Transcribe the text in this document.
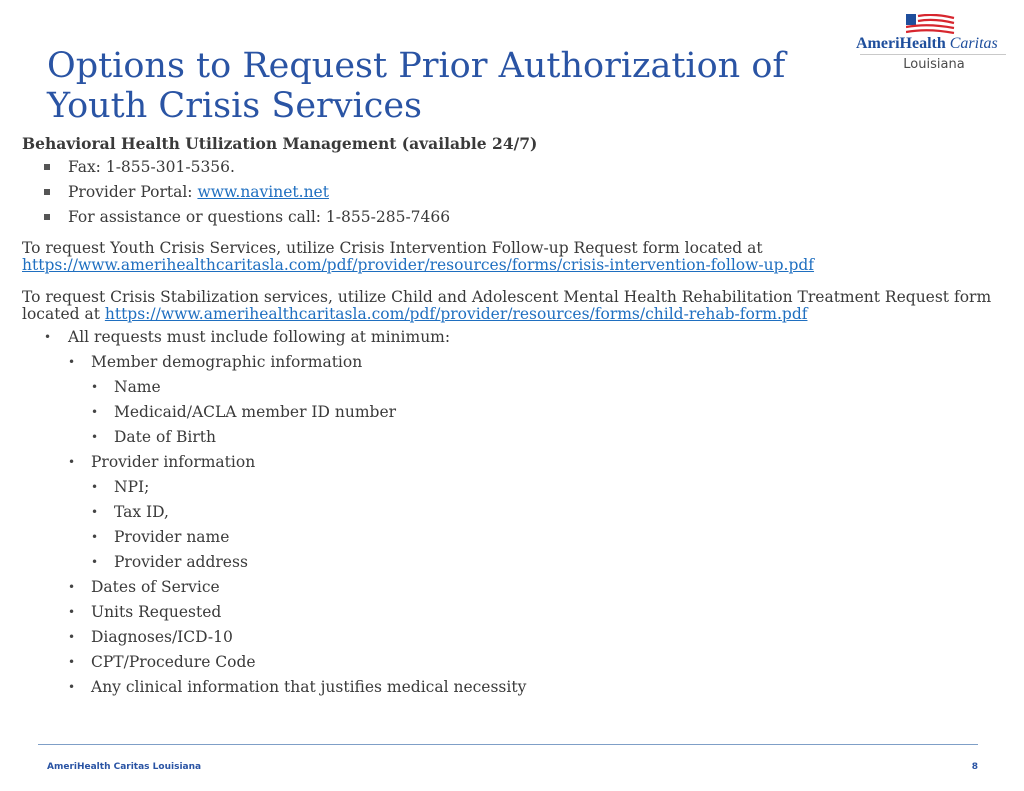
Options to Request Prior Authorization of Youth Crisis Services
AmeriHealth Caritas
Louisiana

Behavioral Health Utilization Management (available 24/7)

Fax: 1-855-301-5356.
Provider Portal: www.navinet.net
For assistance or questions call: 1-855-285-7466

To request Youth Crisis Services, utilize Crisis Intervention Follow-up Request form located at https://www.amerihealthcaritasla.com/pdf/provider/resources/forms/crisis-intervention-follow-up.pdf

To request Crisis Stabilization services, utilize Child and Adolescent Mental Health Rehabilitation Treatment Request form located at https://www.amerihealthcaritasla.com/pdf/provider/resources/forms/child-rehab-form.pdf

• All requests must include following at minimum:
• Member demographic information
• Name
• Medicaid/ACLA member ID number
• Date of Birth
• Provider information
• NPI;
• Tax ID,
• Provider name
• Provider address
• Dates of Service
• Units Requested
• Diagnoses/ICD-10
• CPT/Procedure Code
• Any clinical information that justifies medical necessity
AmeriHealth Caritas Louisiana	8
